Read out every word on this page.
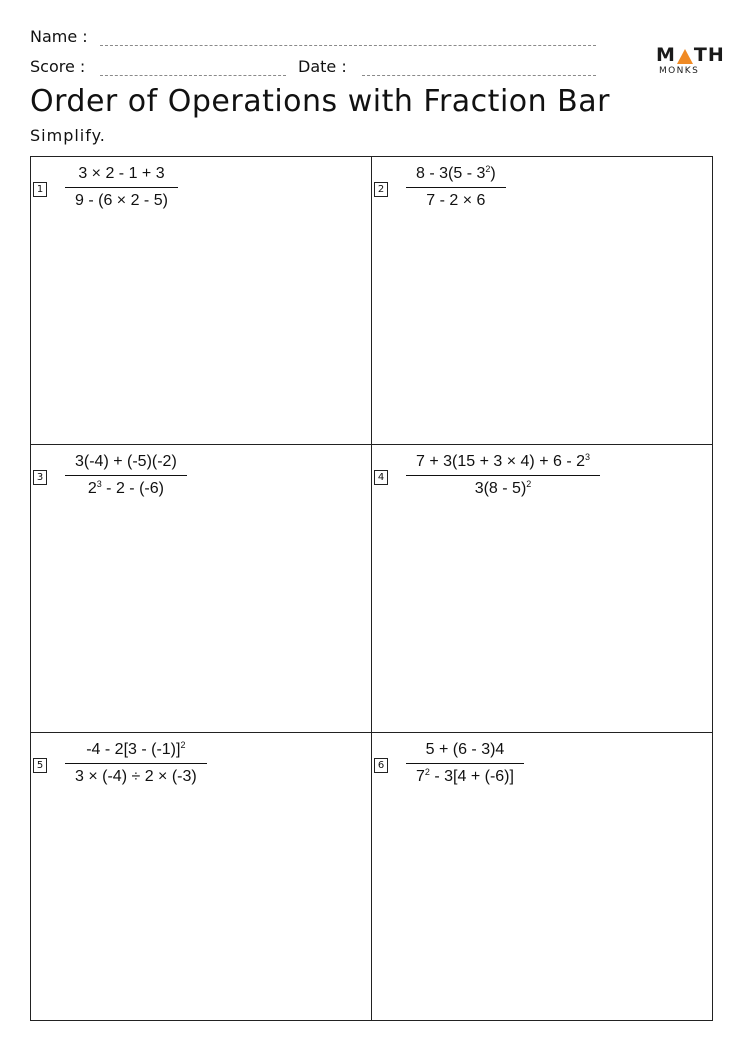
Name :
Score :	Date :
M TH
MONKS
Order of Operations with Fraction Bar
Simplify.
1
3 × 2 - 1 + 3
9 - (6 × 2 - 5)
2
$8 - 3(5 - 3^2)$
7 - 2 × 6
3
3(-4) + (-5)(-2)
$2^3 - 2 - (-6)$
4
$7 + 3(15 + 3 \times 4) + 6 - 2^3$
3(8 - 5)$^2$
5
-4 - 2[3 - (-1)]$^2$
3 × (-4) ÷ 2 × (-3)
6
5 + (6 - 3)4
$7^2 - 3[4 + (-6)]$
